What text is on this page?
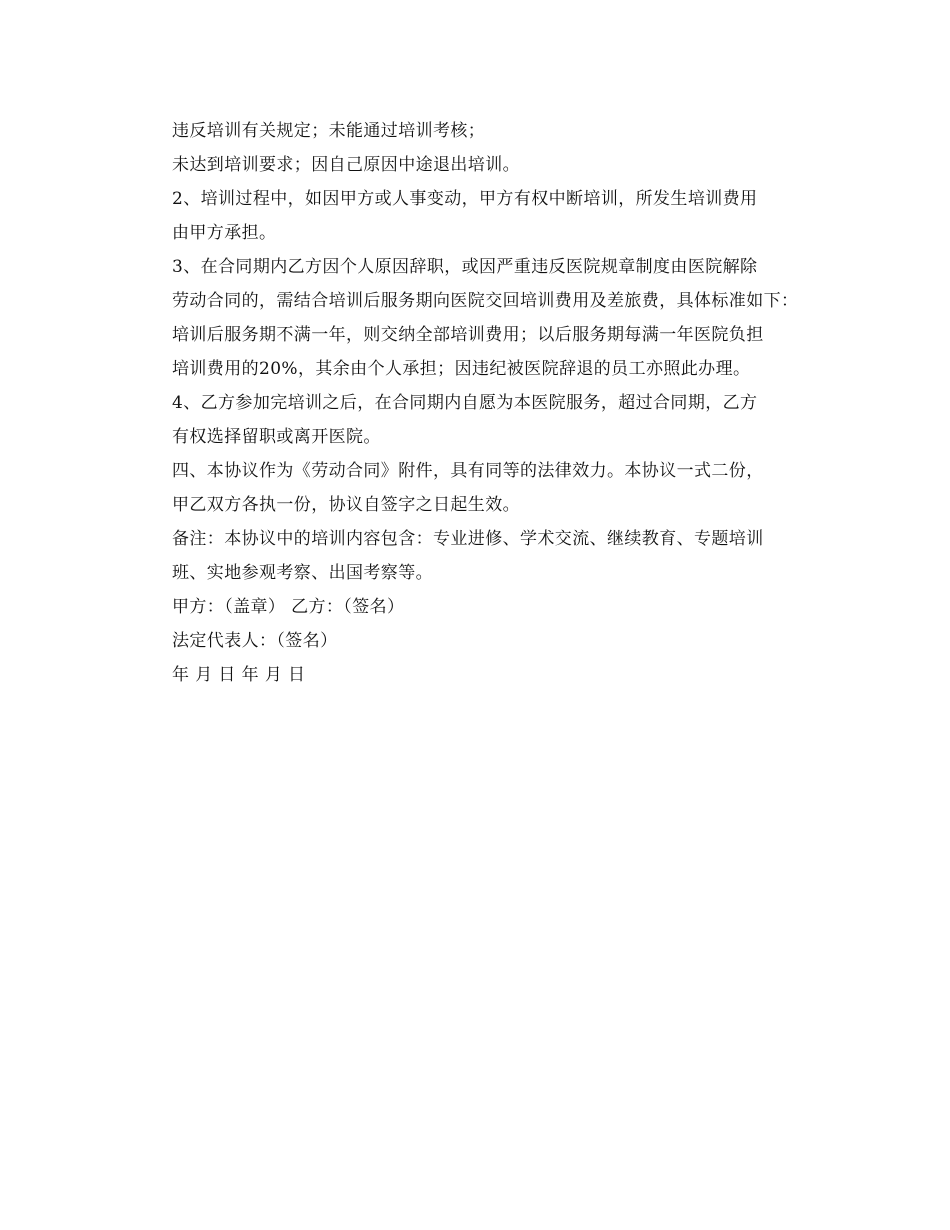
违反培训有关规定；未能通过培训考核；

未达到培训要求；因自己原因中途退出培训。

2、培训过程中，如因甲方或人事变动，甲方有权中断培训，所发生培训费用
由甲方承担。

3、在合同期内乙方因个人原因辞职，或因严重违反医院规章制度由医院解除
劳动合同的，需结合培训后服务期向医院交回培训费用及差旅费，具体标准如下：

培训后服务期不满一年，则交纳全部培训费用；以后服务期每满一年医院负担
培训费用的20%，其余由个人承担；因违纪被医院辞退的员工亦照此办理。

4、乙方参加完培训之后，在合同期内自愿为本医院服务，超过合同期，乙方
有权选择留职或离开医院。

四、本协议作为《劳动合同》附件，具有同等的法律效力。本协议一式二份，
甲乙双方各执一份，协议自签字之日起生效。

备注：本协议中的培训内容包含：专业进修、学术交流、继续教育、专题培训
班、实地参观考察、出国考察等。

甲方：（盖章） 乙方：（签名）

法定代表人：（签名）

年 月 日 年 月 日
